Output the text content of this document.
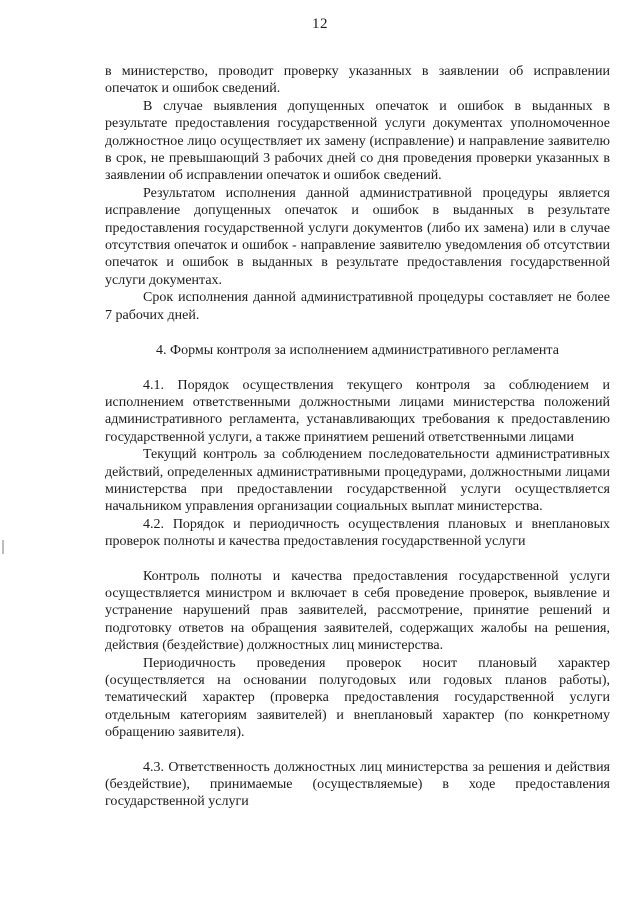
12

в министерство, проводит проверку указанных в заявлении об исправлении опечаток и ошибок сведений.

В случае выявления допущенных опечаток и ошибок в выданных в результате предоставления государственной услуги документах уполномоченное должностное лицо осуществляет их замену (исправление) и направление заявителю в срок, не превышающий 3 рабочих дней со дня проведения проверки указанных в заявлении об исправлении опечаток и ошибок сведений.

Результатом исполнения данной административной процедуры является исправление допущенных опечаток и ошибок в выданных в результате предоставления государственной услуги документов (либо их замена) или в случае отсутствия опечаток и ошибок - направление заявителю уведомления об отсутствии опечаток и ошибок в выданных в результате предоставления государственной услуги документах.

Срок исполнения данной административной процедуры составляет не более 7 рабочих дней.

4. Формы контроля за исполнением административного регламента

4.1. Порядок осуществления текущего контроля за соблюдением и исполнением ответственными должностными лицами министерства положений административного регламента, устанавливающих требования к предоставлению государственной услуги, а также принятием решений ответственными лицами

Текущий контроль за соблюдением последовательности административных действий, определенных административными процедурами, должностными лицами министерства при предоставлении государственной услуги осуществляется начальником управления организации социальных выплат министерства.

4.2. Порядок и периодичность осуществления плановых и внеплановых проверок полноты и качества предоставления государственной услуги

Контроль полноты и качества предоставления государственной услуги осуществляется министром и включает в себя проведение проверок, выявление и устранение нарушений прав заявителей, рассмотрение, принятие решений и подготовку ответов на обращения заявителей, содержащих жалобы на решения, действия (бездействие) должностных лиц министерства.

Периодичность проведения проверок носит плановый характер (осуществляется на основании полугодовых или годовых планов работы), тематический характер (проверка предоставления государственной услуги отдельным категориям заявителей) и внеплановый характер (по конкретному обращению заявителя).

4.3. Ответственность должностных лиц министерства за решения и действия (бездействие), принимаемые (осуществляемые) в ходе предоставления государственной услуги
